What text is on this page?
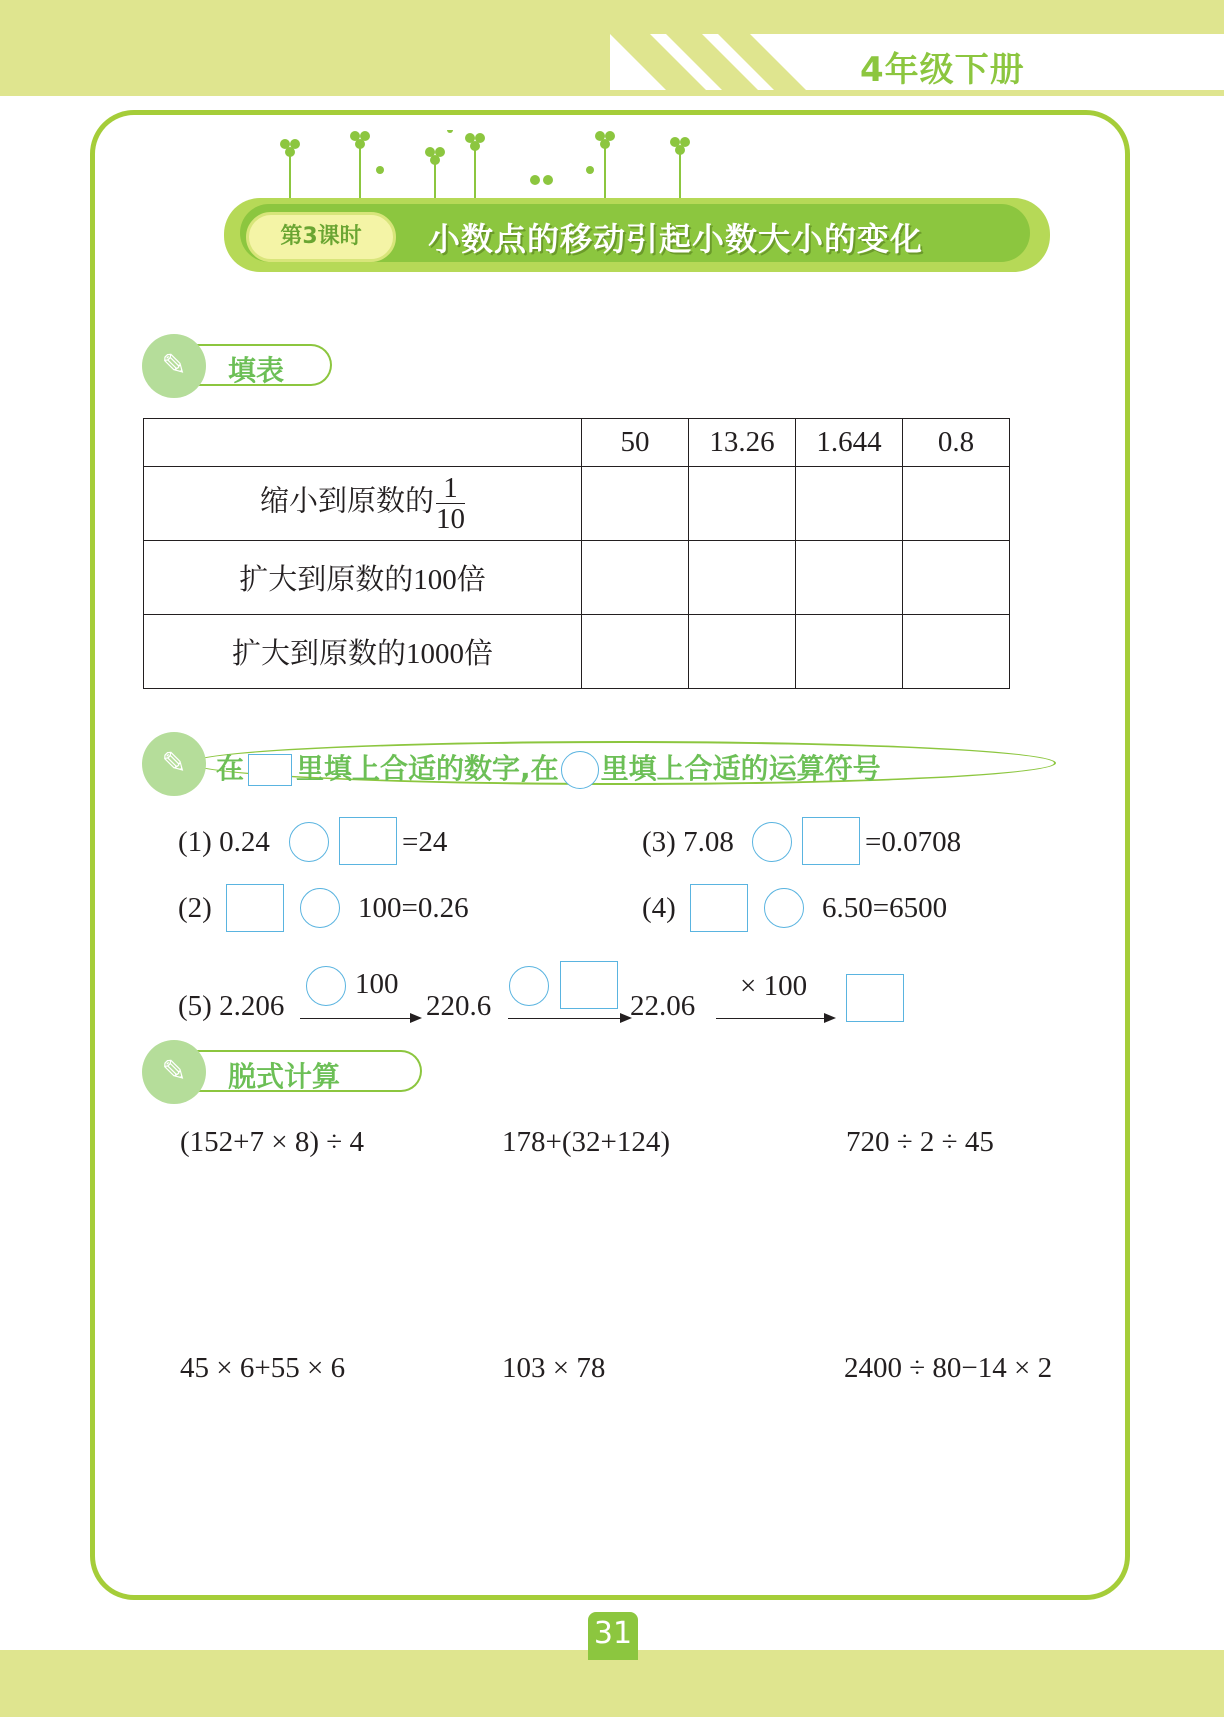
4年级下册
第3课时	小数点的移动引起小数大小的变化
✎	填表
	50	13.26	1.644	0.8
缩小到原数的 $\frac{1}{10}$

扩大到原数的100倍				
扩大到原数的1000倍				
✎	在 里填上合适的数字,在 里填上合适的运算符号
(1) 0.24	=24	(3) 7.08	=0.0708
(2)	100=0.26	(4)	6.50=6500
(5) 2.206
100
220.6	22.06
× 100
✎	脱式计算
(152+7 × 8) ÷ 4	178+(32+124)	720 ÷ 2 ÷ 45
45 × 6+55 × 6	103 × 78	2400 ÷ 80−14 × 2
31
